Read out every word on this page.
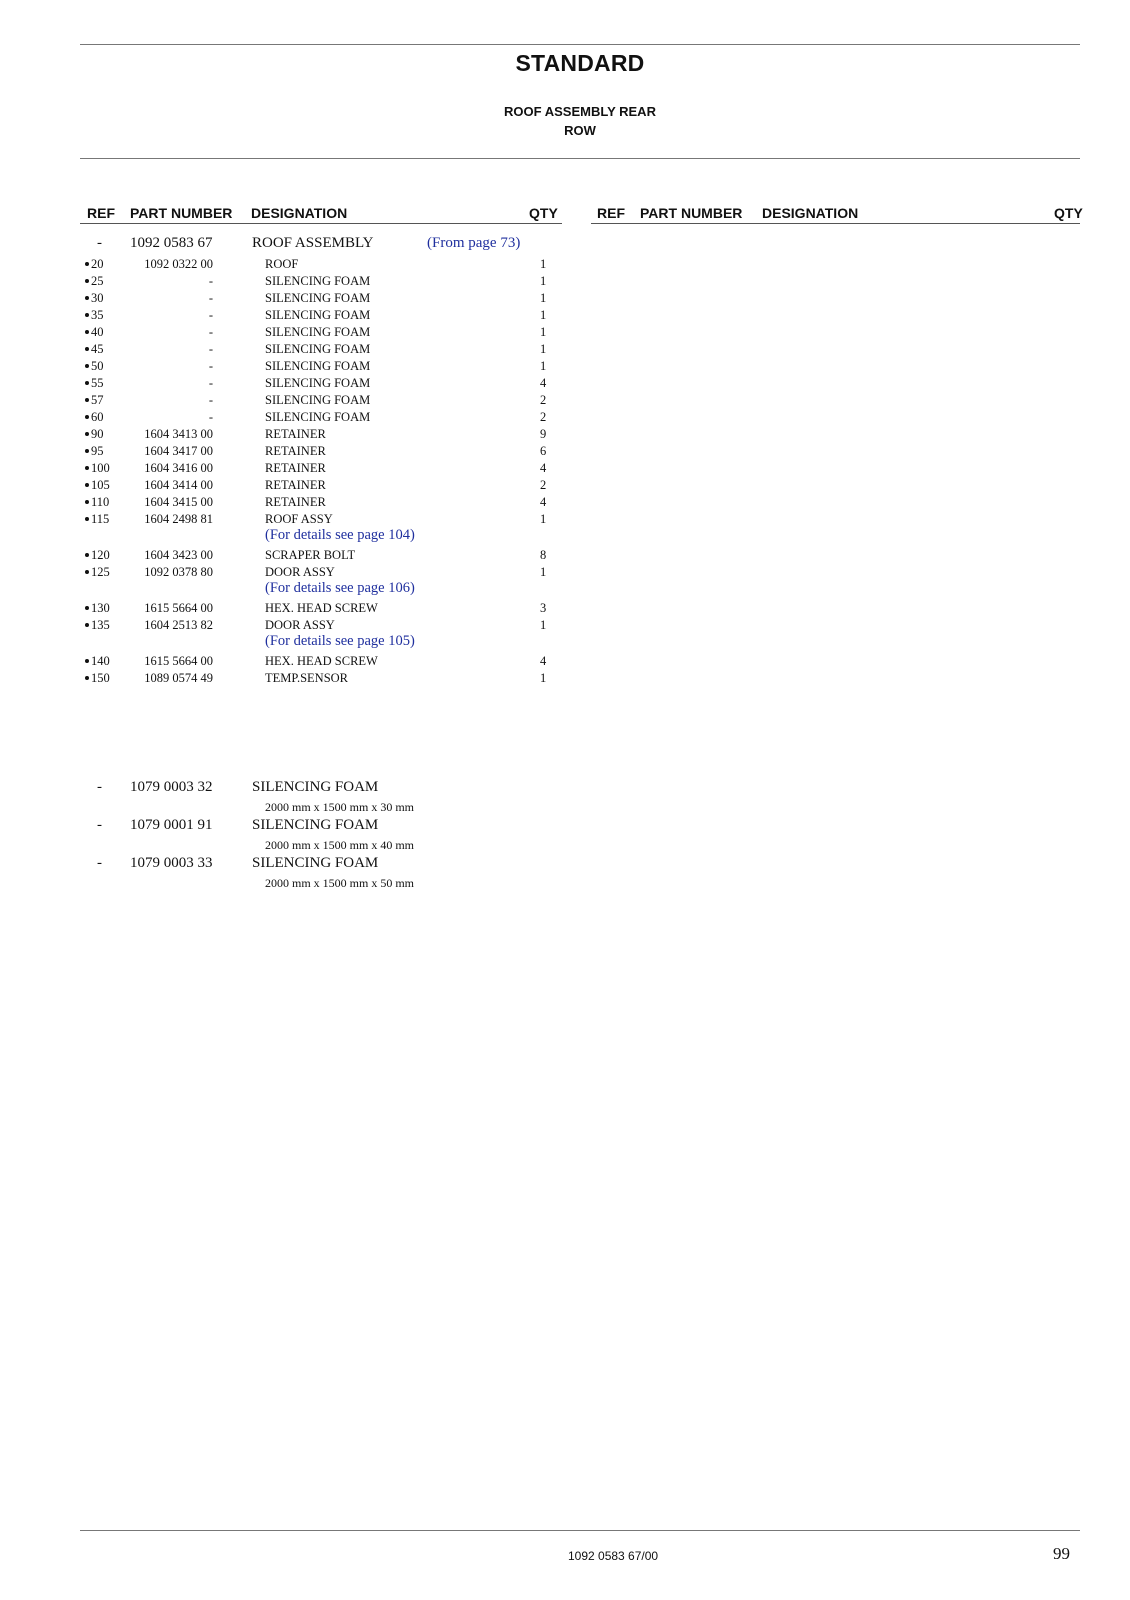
STANDARD
ROOF ASSEMBLY REAR
ROW
REF PART NUMBER DESIGNATION	QTY	REF PART NUMBER DESIGNATION	QTY
- 1092 0583 67	ROOF ASSEMBLY	(From page 73)
20	1092 0322 00	ROOF	1
25	-	SILENCING FOAM	1
30	-	SILENCING FOAM	1
35	-	SILENCING FOAM	1
40	-	SILENCING FOAM	1
45	-	SILENCING FOAM	1
50	-	SILENCING FOAM	1
55	-	SILENCING FOAM	4
57	-	SILENCING FOAM	2
60	-	SILENCING FOAM	2
90	1604 3413 00	RETAINER	9
95	1604 3417 00	RETAINER	6
100	1604 3416 00	RETAINER	4
105	1604 3414 00	RETAINER	2
110	1604 3415 00	RETAINER	4
115	1604 2498 81	ROOF ASSY	1
(For details see page 104)
120	1604 3423 00	SCRAPER BOLT	8
125	1092 0378 80	DOOR ASSY	1
(For details see page 106)
130	1615 5664 00	HEX. HEAD SCREW	3
135	1604 2513 82	DOOR ASSY	1
(For details see page 105)
140	1615 5664 00	HEX. HEAD SCREW	4
150	1089 0574 49	TEMP.SENSOR	1
- 1079 0003 32	SILENCING FOAM
2000 mm x 1500 mm x 30 mm
- 1079 0001 91	SILENCING FOAM
2000 mm x 1500 mm x 40 mm
- 1079 0003 33	SILENCING FOAM
2000 mm x 1500 mm x 50 mm
1092 0583 67/00	99
